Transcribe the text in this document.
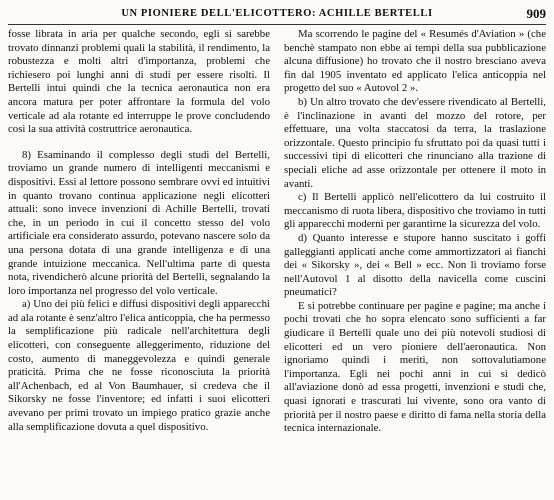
UN PIONIERE DELL'ELICOTTERO: ACHILLE BERTELLI	909

fosse librata in aria per qualche secondo, egli si sarebbe trovato dinnanzi problemi quali la stabilità, il rendimento, la robustezza e molti altri d'importanza, problemi che richiesero poi lunghi anni di studi per essere risolti. Il Bertelli intuì quindi che la tecnica aeronautica non era ancora matura per poter affrontare la formula del volo verticale ad ala rotante ed interruppe le prove concludendo così la sua attività costruttrice aeronautica.

8) Esaminando il complesso degli studi del Bertelli, troviamo un grande numero di intelligenti meccanismi e dispositivi. Essi al lettore possono sembrare ovvi ed intuitivi in quanto trovano continua applicazione negli elicotteri attuali: sono invece invenzioni di Achille Bertelli, trovati che, in un periodo in cui il concetto stesso del volo artificiale era considerato assurdo, potevano nascere solo da una persona dotata di una grande intelligenza e di una grande intuizione meccanica. Nell'ultima parte di questa nota, rivendicherò alcune priorità del Bertelli, segnalando la loro importanza nel progresso del volo verticale.

a) Uno dei più felici e diffusi dispositivi degli apparecchi ad ala rotante è senz'altro l'elica anticoppia, che ha permesso la semplificazione più radicale nell'architettura degli elicotteri, con conseguente alleggerimento, riduzione del costo, aumento di maneggevolezza e quindi generale praticità. Prima che ne fosse riconosciuta la priorità all'Achenbach, ed al Von Baumhauer, si credeva che il Sikorsky ne fosse l'inventore; ed infatti i suoi elicotteri avevano per primi trovato un impiego pratico grazie anche alla semplificazione dovuta a quel dispositivo.

Ma scorrendo le pagine del « Resumés d'Aviation » (che benchè stampato non ebbe ai tempi della sua pubblicazione alcuna diffusione) ho trovato che il nostro bresciano aveva fin dal 1905 inventato ed applicato l'elica anticoppia nel progetto del suo « Autovol 2 ».

b) Un altro trovato che dev'essere rivendicato al Bertelli, è l'inclinazione in avanti del mozzo del rotore, per effettuare, una volta staccatosi da terra, la traslazione orizzontale. Questo principio fu sfruttato poi da quasi tutti i successivi tipi di elicotteri che rinunciano alla trazione di speciali eliche ad asse orizzontale per ottenere il moto in avanti.

c) Il Bertelli applicò nell'elicottero da lui costruito il meccanismo di ruota libera, dispositivo che troviamo in tutti gli apparecchi moderni per garantirne la sicurezza del volo.

d) Quanto interesse e stupore hanno suscitato i goffi galleggianti applicati anche come ammortizzatori ai fianchi dei « Sikorsky », dei « Bell » ecc. Non li troviamo forse nell'Autovol 1 al disotto della navicella come cuscini pneumatici?

E si potrebbe continuare per pagine e pagine; ma anche i pochi trovati che ho sopra elencato sono sufficienti a far giudicare il Bertelli quale uno dei più notevoli studiosi di elicotteri ed un vero pioniere dell'aeronautica. Non ignoriamo quindi i meriti, non sottovalutiamone l'importanza. Egli nei pochi anni in cui si dedicò all'aviazione donò ad essa progetti, invenzioni e studi che, quasi ignorati e trascurati lui vivente, sono ora vanto di priorità per il nostro paese e diritto di fama nella storia della tecnica internazionale.
